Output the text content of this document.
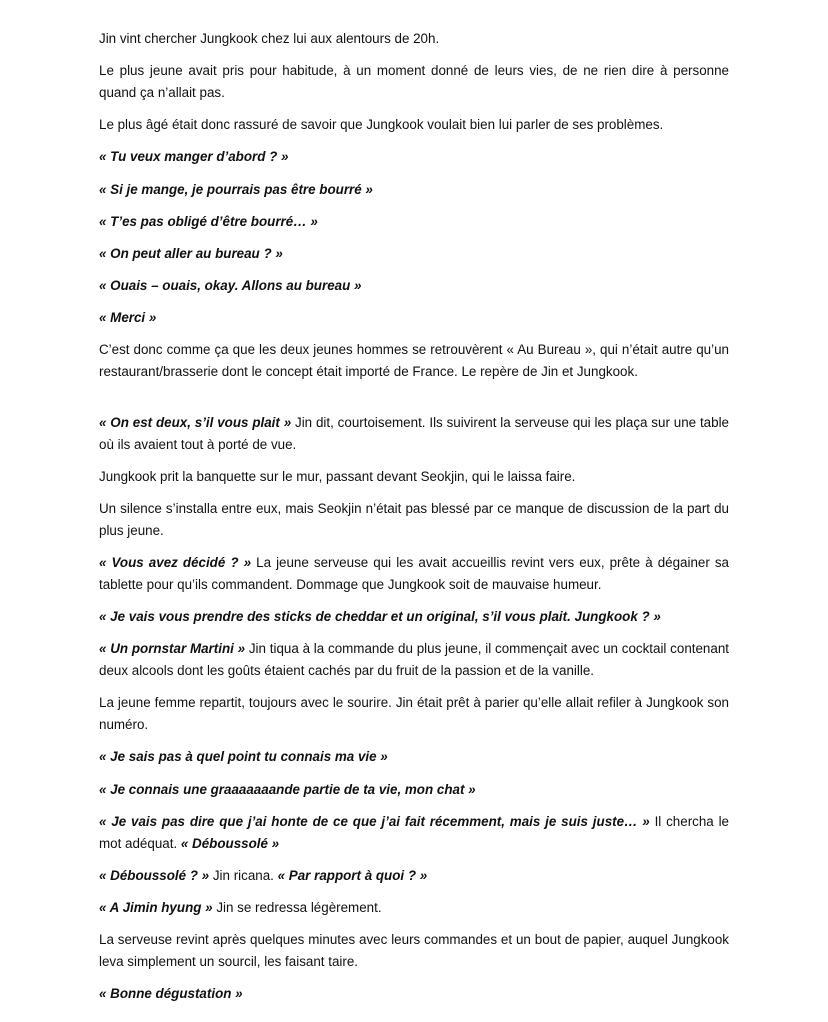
Jin vint chercher Jungkook chez lui aux alentours de 20h.

Le plus jeune avait pris pour habitude, à un moment donné de leurs vies, de ne rien dire à personne quand ça n’allait pas.

Le plus âgé était donc rassuré de savoir que Jungkook voulait bien lui parler de ses problèmes.

« Tu veux manger d’abord ? »

« Si je mange, je pourrais pas être bourré »

« T’es pas obligé d’être bourré… »

« On peut aller au bureau ? »

« Ouais – ouais, okay. Allons au bureau »

« Merci »

C’est donc comme ça que les deux jeunes hommes se retrouvèrent « Au Bureau », qui n’était autre qu’un restaurant/brasserie dont le concept était importé de France. Le repère de Jin et Jungkook.

« On est deux, s’il vous plait » Jin dit, courtoisement. Ils suivirent la serveuse qui les plaça sur une table où ils avaient tout à porté de vue.

Jungkook prit la banquette sur le mur, passant devant Seokjin, qui le laissa faire.

Un silence s’installa entre eux, mais Seokjin n’était pas blessé par ce manque de discussion de la part du plus jeune.

« Vous avez décidé ? » La jeune serveuse qui les avait accueillis revint vers eux, prête à dégainer sa tablette pour qu’ils commandent. Dommage que Jungkook soit de mauvaise humeur.

« Je vais vous prendre des sticks de cheddar et un original, s’il vous plait. Jungkook ? »

« Un pornstar Martini » Jin tiqua à la commande du plus jeune, il commençait avec un cocktail contenant deux alcools dont les goûts étaient cachés par du fruit de la passion et de la vanille.

La jeune femme repartit, toujours avec le sourire. Jin était prêt à parier qu’elle allait refiler à Jungkook son numéro.

« Je sais pas à quel point tu connais ma vie »

« Je connais une graaaaaaande partie de ta vie, mon chat »

« Je vais pas dire que j’ai honte de ce que j’ai fait récemment, mais je suis juste… » Il chercha le mot adéquat. « Déboussolé »

« Déboussolé ? » Jin ricana. « Par rapport à quoi ? »

« A Jimin hyung » Jin se redressa légèrement.

La serveuse revint après quelques minutes avec leurs commandes et un bout de papier, auquel Jungkook leva simplement un sourcil, les faisant taire.

« Bonne dégustation »
